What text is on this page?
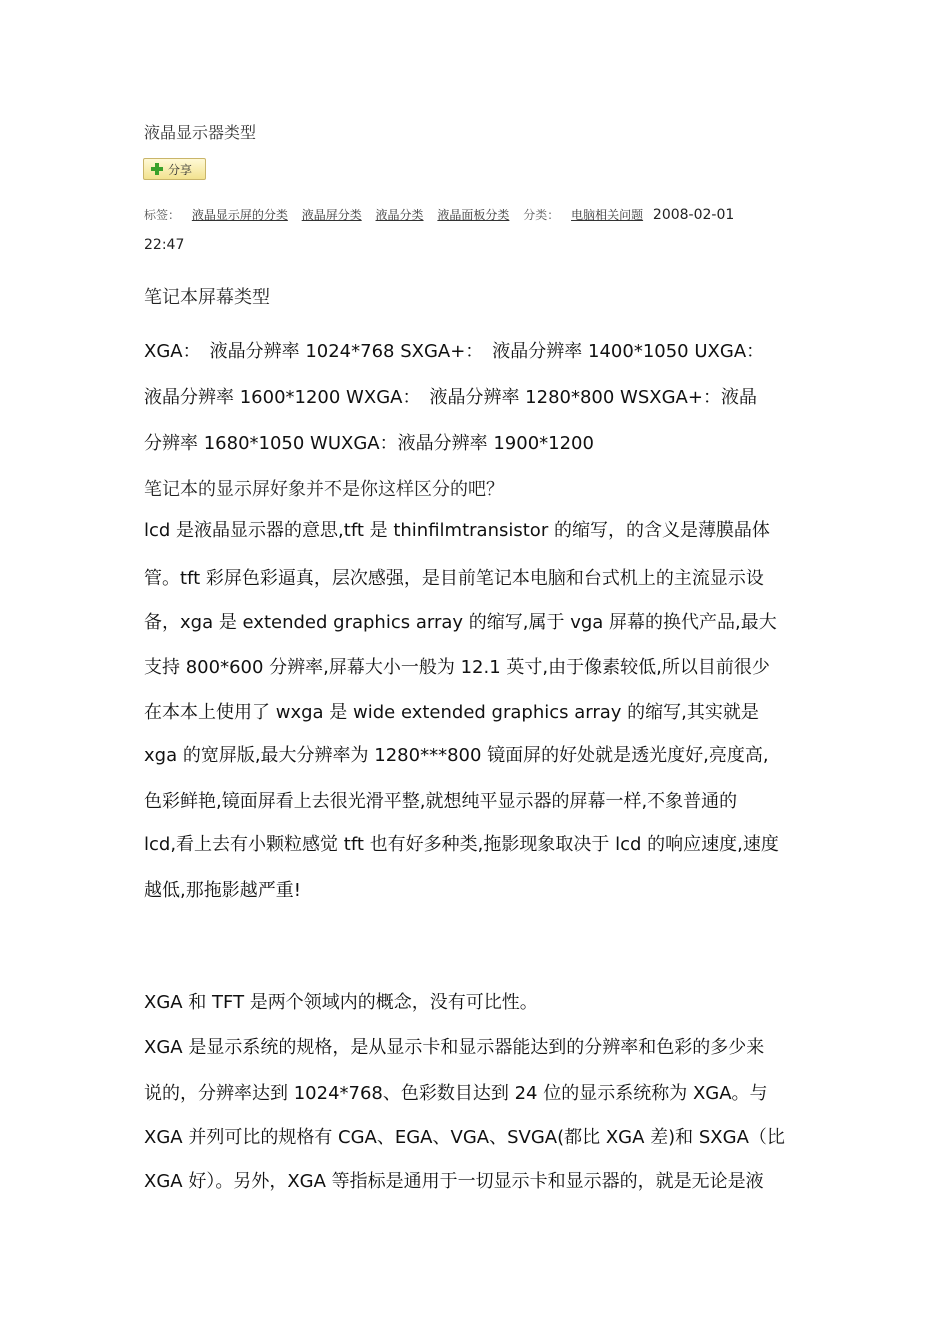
液晶显示器类型
分享
标签： 液晶显示屏的分类 液晶屏分类 液晶分类 液晶面板分类 分类： 电脑相关问题 2008-02-01
22:47
笔记本屏幕类型
XGA：　液晶分辨率 1024*768 SXGA+：　液晶分辨率 1400*1050 UXGA：
液晶分辨率 1600*1200 WXGA：　液晶分辨率 1280*800 WSXGA+：液晶
分辨率 1680*1050 WUXGA：液晶分辨率 1900*1200
笔记本的显示屏好象并不是你这样区分的吧？
lcd 是液晶显示器的意思,tft 是 thinfilmtransistor 的缩写，的含义是薄膜晶体
管。tft 彩屏色彩逼真，层次感强，是目前笔记本电脑和台式机上的主流显示设
备，xga 是 extended graphics array 的缩写,属于 vga 屏幕的换代产品,最大
支持 800*600 分辨率,屏幕大小一般为 12.1 英寸,由于像素较低,所以目前很少
在本本上使用了 wxga 是 wide extended graphics array 的缩写,其实就是
xga 的宽屏版,最大分辨率为 1280***800 镜面屏的好处就是透光度好,亮度高,
色彩鲜艳,镜面屏看上去很光滑平整,就想纯平显示器的屏幕一样,不象普通的
lcd,看上去有小颗粒感觉 tft 也有好多种类,拖影现象取决于 lcd 的响应速度,速度
越低,那拖影越严重!
XGA 和 TFT 是两个领域内的概念，没有可比性。
XGA 是显示系统的规格，是从显示卡和显示器能达到的分辨率和色彩的多少来
说的，分辨率达到 1024*768、色彩数目达到 24 位的显示系统称为 XGA。与
XGA 并列可比的规格有 CGA、EGA、VGA、SVGA(都比 XGA 差)和 SXGA（比
XGA 好）。另外，XGA 等指标是通用于一切显示卡和显示器的，就是无论是液
